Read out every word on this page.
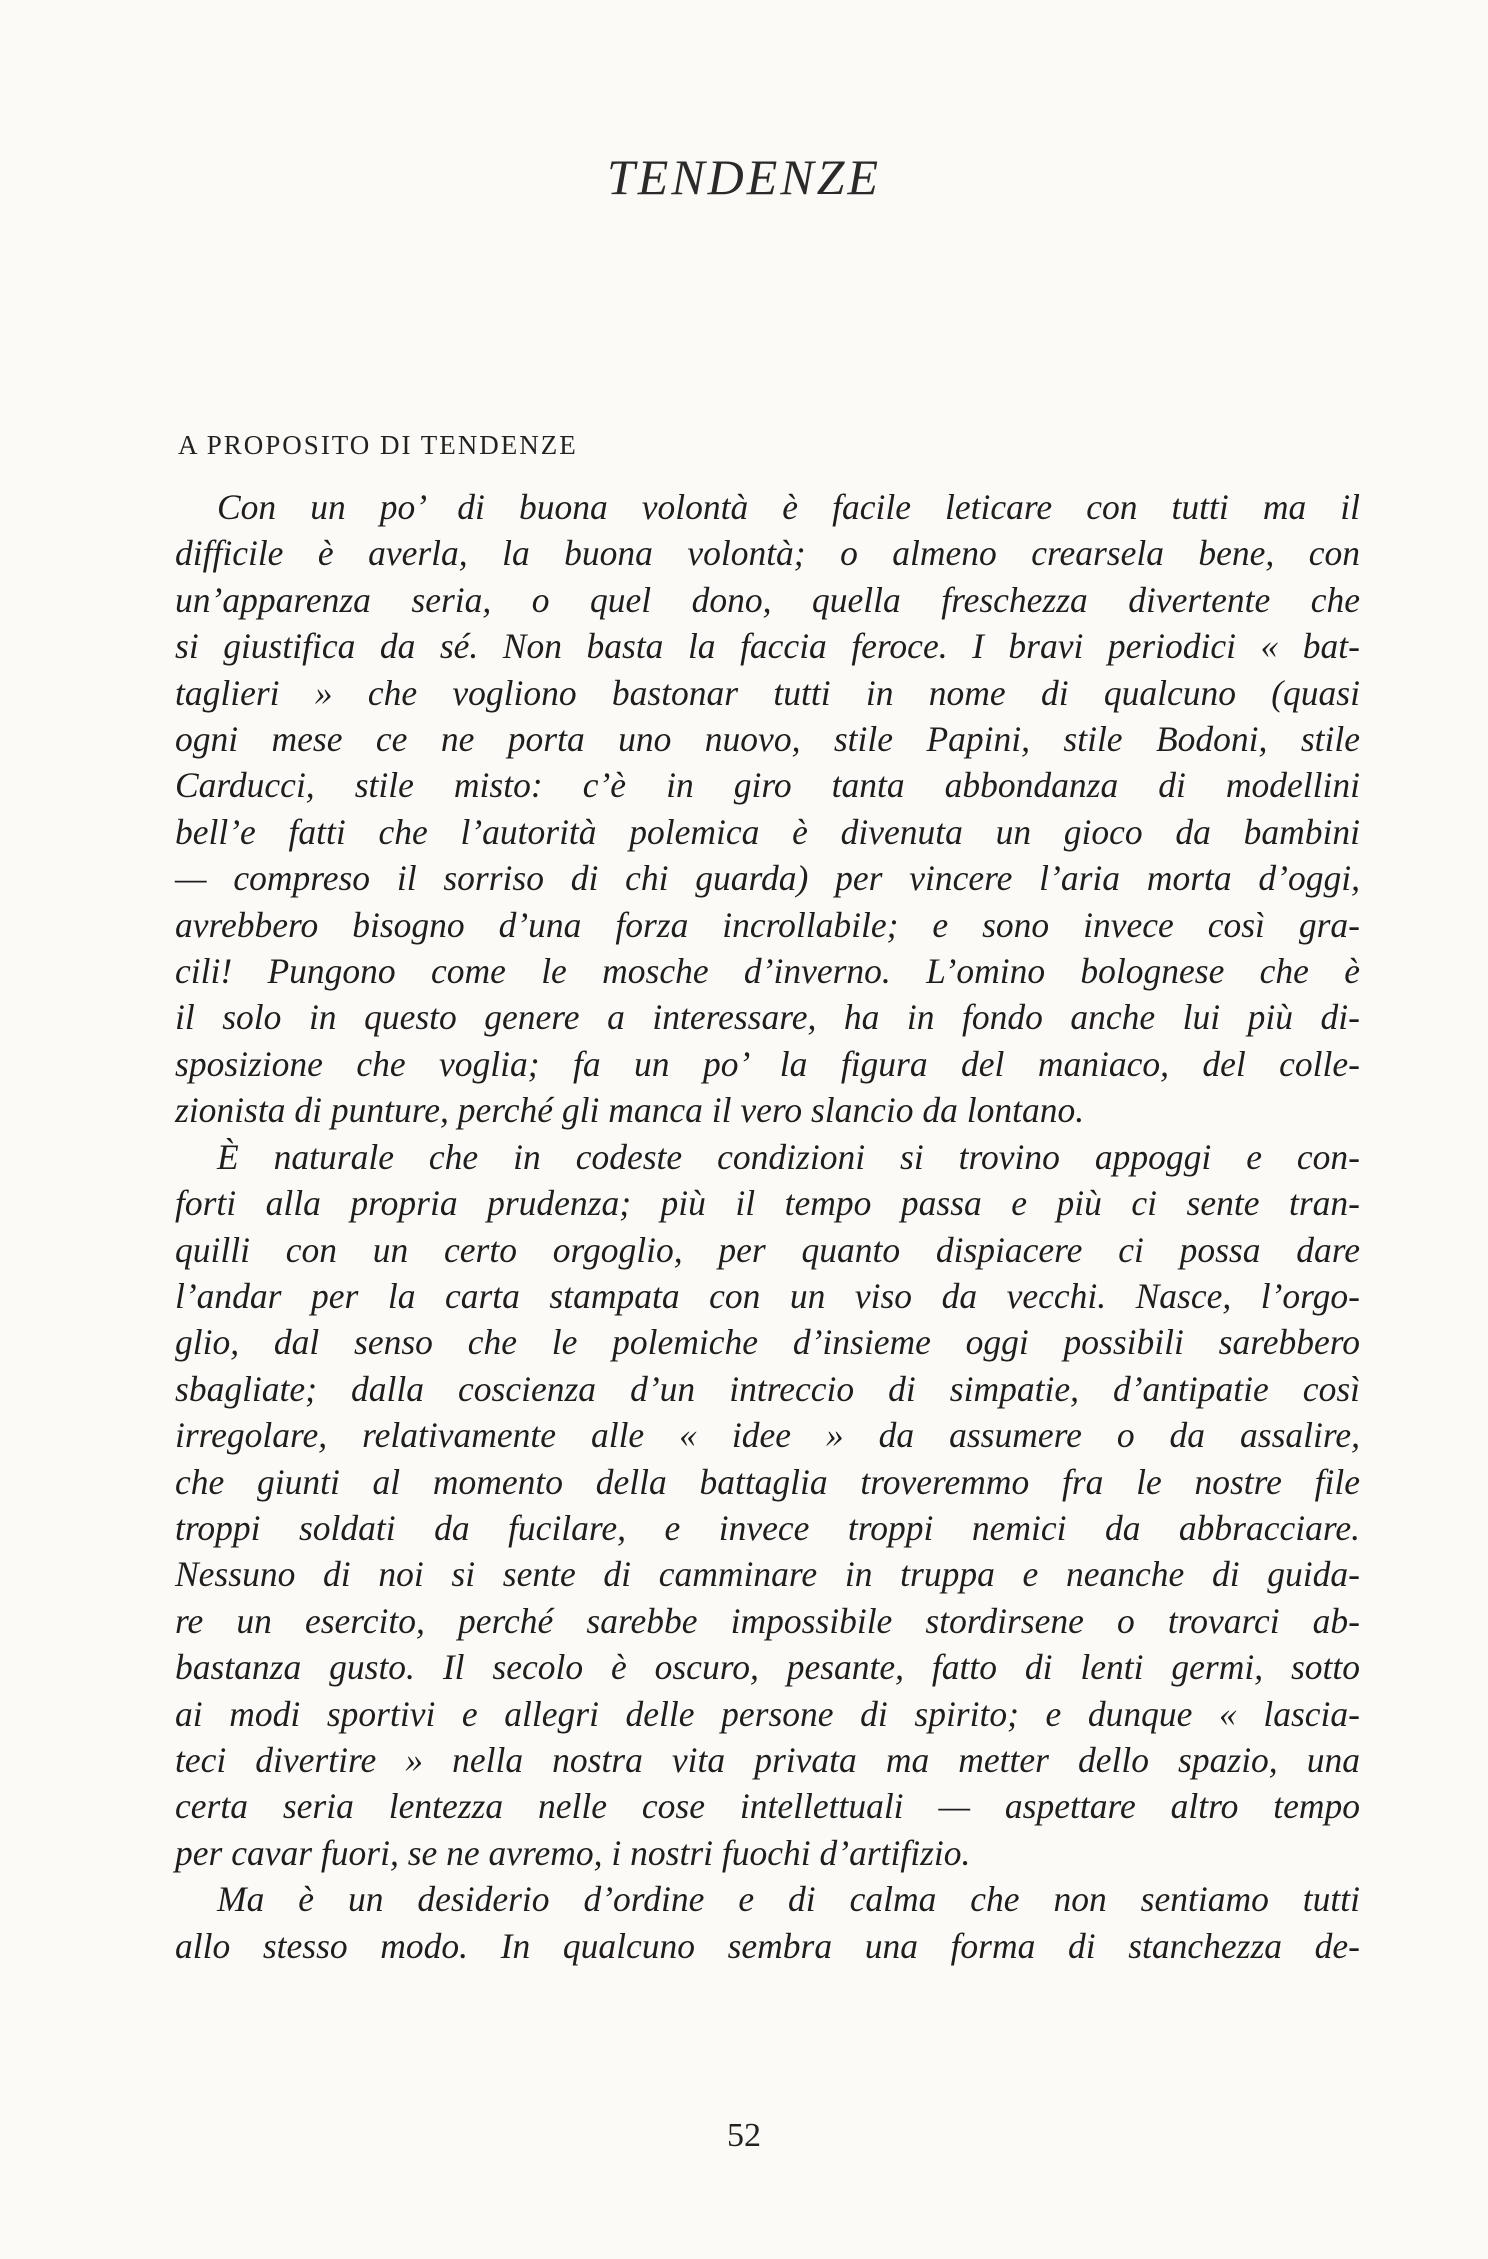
TENDENZE
A PROPOSITO DI TENDENZE
Con un po’ di buona volontà è facile leticare con tutti ma il
difficile è averla, la buona volontà; o almeno crearsela bene, con
un’apparenza seria, o quel dono, quella freschezza divertente che
si giustifica da sé. Non basta la faccia feroce. I bravi periodici « bat-
taglieri » che vogliono bastonar tutti in nome di qualcuno (quasi
ogni mese ce ne porta uno nuovo, stile Papini, stile Bodoni, stile
Carducci, stile misto: c’è in giro tanta abbondanza di modellini
bell’e fatti che l’autorità polemica è divenuta un gioco da bambini
— compreso il sorriso di chi guarda) per vincere l’aria morta d’oggi,
avrebbero bisogno d’una forza incrollabile; e sono invece così gra-
cili! Pungono come le mosche d’inverno. L’omino bolognese che è
il solo in questo genere a interessare, ha in fondo anche lui più di-
sposizione che voglia; fa un po’ la figura del maniaco, del colle-
zionista di punture, perché gli manca il vero slancio da lontano.
È naturale che in codeste condizioni si trovino appoggi e con-
forti alla propria prudenza; più il tempo passa e più ci sente tran-
quilli con un certo orgoglio, per quanto dispiacere ci possa dare
l’andar per la carta stampata con un viso da vecchi. Nasce, l’orgo-
glio, dal senso che le polemiche d’insieme oggi possibili sarebbero
sbagliate; dalla coscienza d’un intreccio di simpatie, d’antipatie così
irregolare, relativamente alle « idee » da assumere o da assalire,
che giunti al momento della battaglia troveremmo fra le nostre file
troppi soldati da fucilare, e invece troppi nemici da abbracciare.
Nessuno di noi si sente di camminare in truppa e neanche di guida-
re un esercito, perché sarebbe impossibile stordirsene o trovarci ab-
bastanza gusto. Il secolo è oscuro, pesante, fatto di lenti germi, sotto
ai modi sportivi e allegri delle persone di spirito; e dunque « lascia-
teci divertire » nella nostra vita privata ma metter dello spazio, una
certa seria lentezza nelle cose intellettuali — aspettare altro tempo
per cavar fuori, se ne avremo, i nostri fuochi d’artifizio.
Ma è un desiderio d’ordine e di calma che non sentiamo tutti
allo stesso modo. In qualcuno sembra una forma di stanchezza de-
52
